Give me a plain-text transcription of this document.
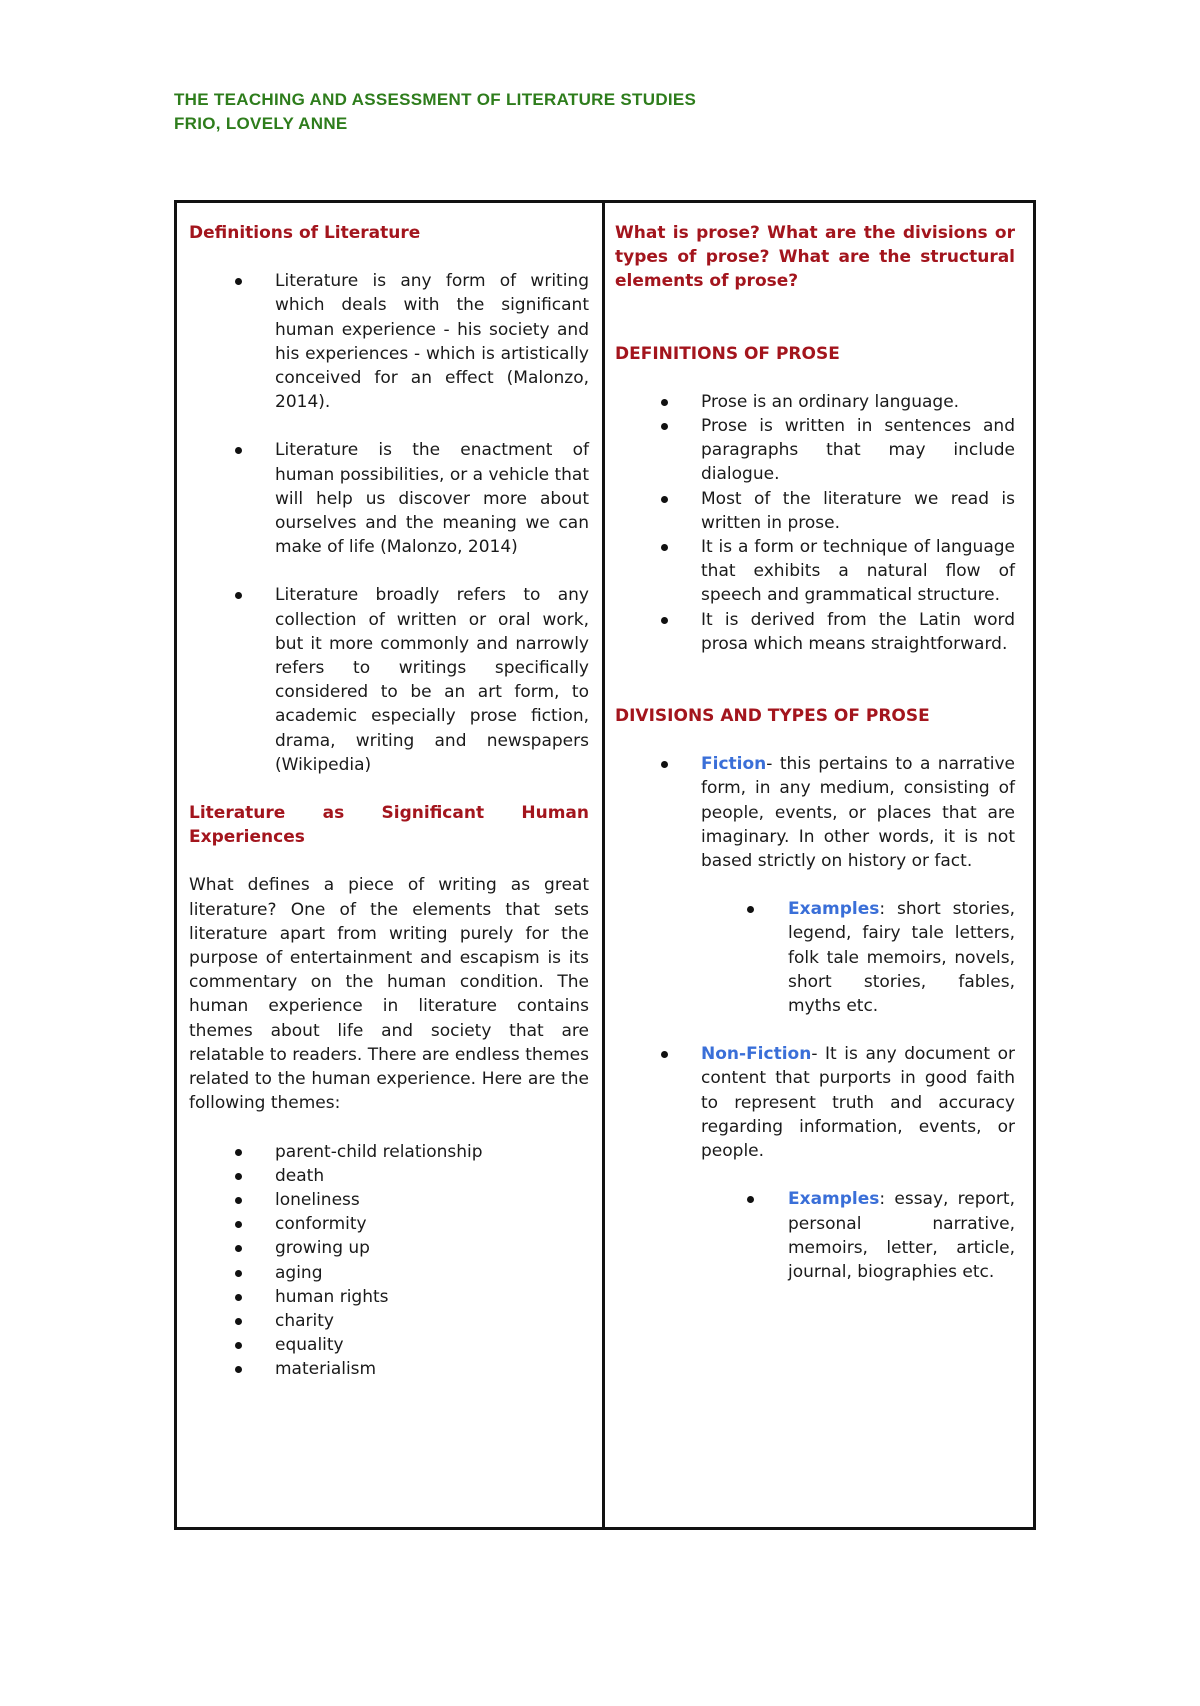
THE TEACHING AND ASSESSMENT OF LITERATURE STUDIES
FRIO, LOVELY ANNE

Definitions of Literature

Literature is any form of writing which deals with the significant human experience - his society and his experiences - which is artistically conceived for an effect (Malonzo, 2014).
Literature is the enactment of human possibilities, or a vehicle that will help us discover more about ourselves and the meaning we can make of life (Malonzo, 2014)
Literature broadly refers to any collection of written or oral work, but it more commonly and narrowly refers to writings specifically considered to be an art form, to academic especially prose fiction, drama, writing and newspapers (Wikipedia)

Literature as Significant Human Experiences

What defines a piece of writing as great literature? One of the elements that sets literature apart from writing purely for the purpose of entertainment and escapism is its commentary on the human condition. The human experience in literature contains themes about life and society that are relatable to readers. There are endless themes related to the human experience. Here are the following themes:

parent-child relationship
death
loneliness
conformity
growing up
aging
human rights
charity
equality
materialism

What is prose? What are the divisions or types of prose? What are the structural elements of prose?

DEFINITIONS OF PROSE

Prose is an ordinary language.
Prose is written in sentences and paragraphs that may include dialogue.
Most of the literature we read is written in prose.
It is a form or technique of language that exhibits a natural flow of speech and grammatical structure.
It is derived from the Latin word prosa which means straightforward.

DIVISIONS AND TYPES OF PROSE

Fiction- this pertains to a narrative form, in any medium, consisting of people, events, or places that are imaginary. In other words, it is not based strictly on history or fact.
Examples: short stories, legend, fairy tale letters, folk tale memoirs, novels, short stories, fables, myths etc.
Non-Fiction- It is any document or content that purports in good faith to represent truth and accuracy regarding information, events, or people.
Examples: essay, report, personal narrative, memoirs, letter, article, journal, biographies etc.
